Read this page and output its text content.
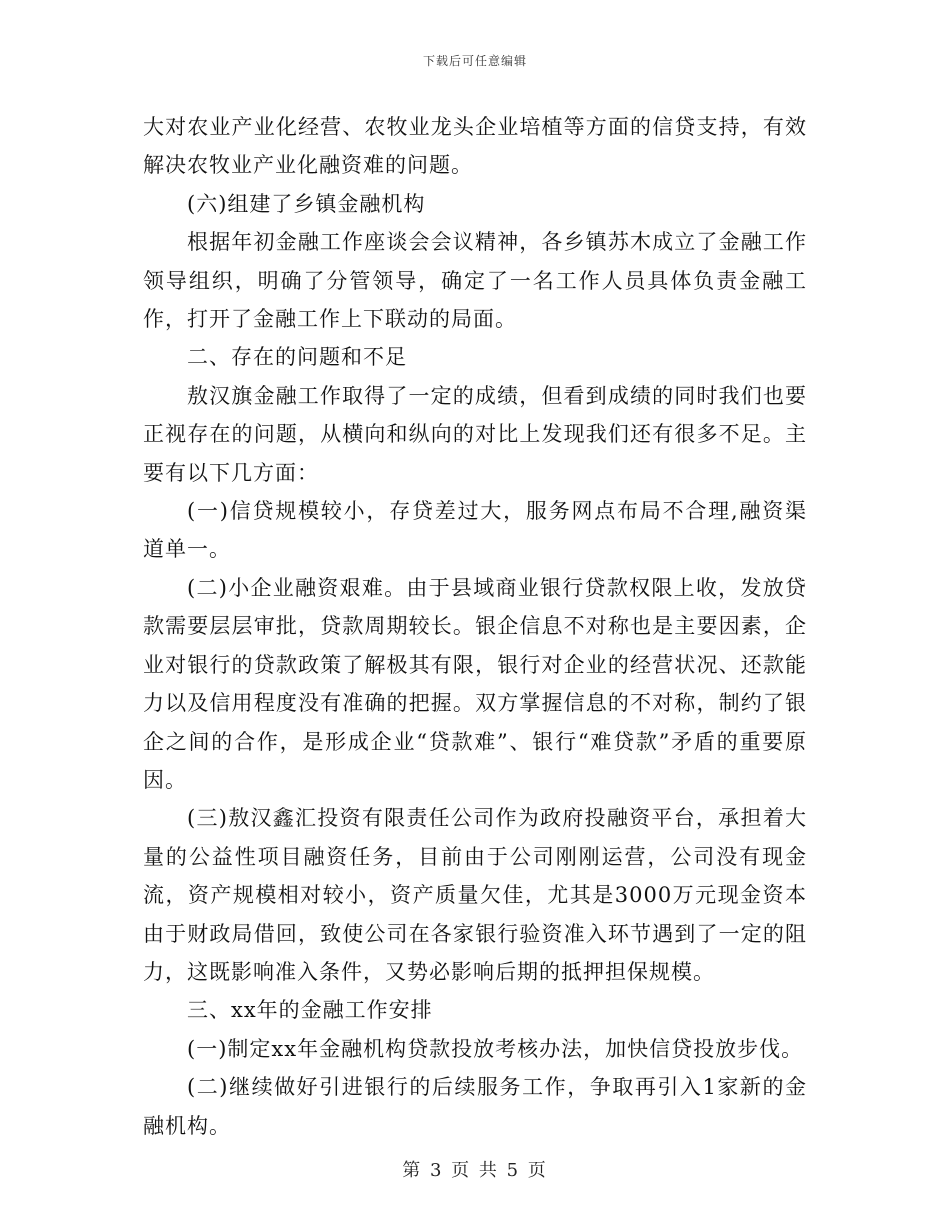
下载后可任意编辑

大对农业产业化经营、农牧业龙头企业培植等方面的信贷支持，有效解决农牧业产业化融资难的问题。

(六)组建了乡镇金融机构

根据年初金融工作座谈会会议精神，各乡镇苏木成立了金融工作领导组织，明确了分管领导，确定了一名工作人员具体负责金融工作，打开了金融工作上下联动的局面。

二、存在的问题和不足

敖汉旗金融工作取得了一定的成绩，但看到成绩的同时我们也要正视存在的问题，从横向和纵向的对比上发现我们还有很多不足。主要有以下几方面：

(一)信贷规模较小，存贷差过大，服务网点布局不合理,融资渠道单一。

(二)小企业融资艰难。由于县域商业银行贷款权限上收，发放贷款需要层层审批，贷款周期较长。银企信息不对称也是主要因素，企业对银行的贷款政策了解极其有限，银行对企业的经营状况、还款能力以及信用程度没有准确的把握。双方掌握信息的不对称，制约了银企之间的合作，是形成企业“贷款难”、银行“难贷款”矛盾的重要原因。

(三)敖汉鑫汇投资有限责任公司作为政府投融资平台，承担着大量的公益性项目融资任务，目前由于公司刚刚运营，公司没有现金流，资产规模相对较小，资产质量欠佳，尤其是3000万元现金资本由于财政局借回，致使公司在各家银行验资准入环节遇到了一定的阻力，这既影响准入条件，又势必影响后期的抵押担保规模。

三、xx年的金融工作安排

(一)制定xx年金融机构贷款投放考核办法，加快信贷投放步伐。

(二)继续做好引进银行的后续服务工作，争取再引入1家新的金融机构。

第 3 页 共 5 页
